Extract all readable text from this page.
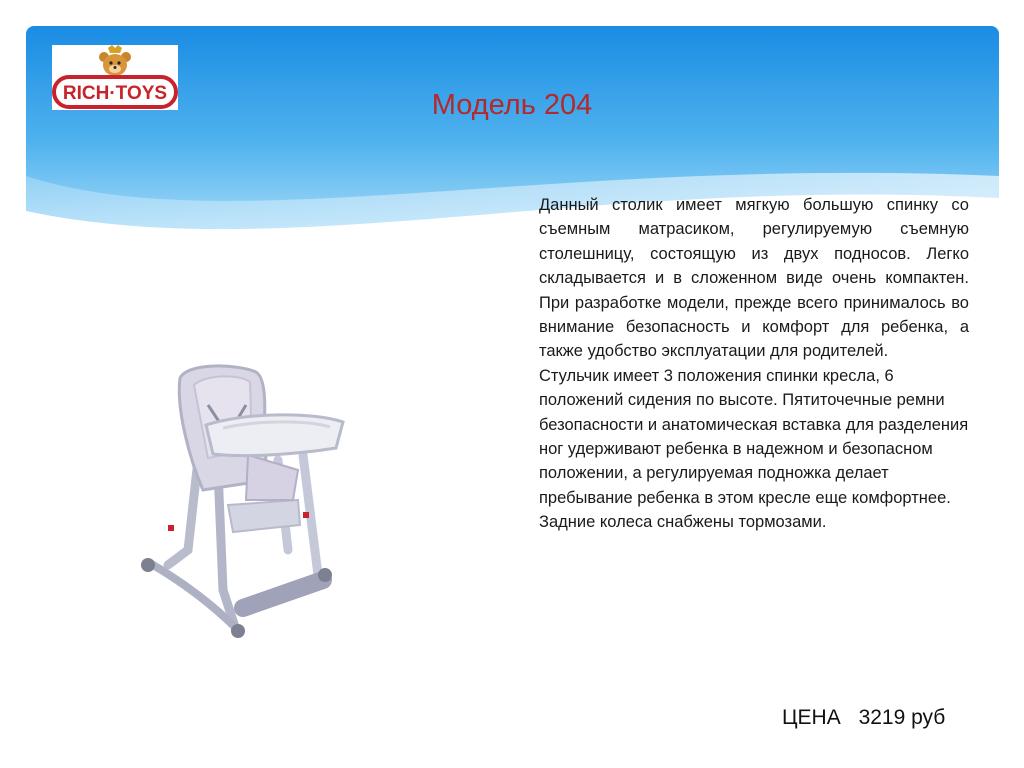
RICH·TOYS	Модель 204

Данный столик имеет мягкую большую спинку со съемным матрасиком, регулируемую съемную столешницу, состоящую из двух подносов. Легко складывается и в сложенном виде очень компактен. При разработке модели, прежде всего принималось во внимание безопасность и комфорт для ребенка, а также удобство эксплуатации для родителей.

Стульчик имеет 3 положения спинки кресла, 6 положений сидения по высоте. Пятиточечные ремни безопасности и анатомическая вставка для разделения ног удерживают ребенка в надежном и безопасном положении, а регулируемая подножка делает пребывание ребенка в этом кресле еще комфортнее.

Задние колеса снабжены тормозами.

ЦЕНА 3219 руб
